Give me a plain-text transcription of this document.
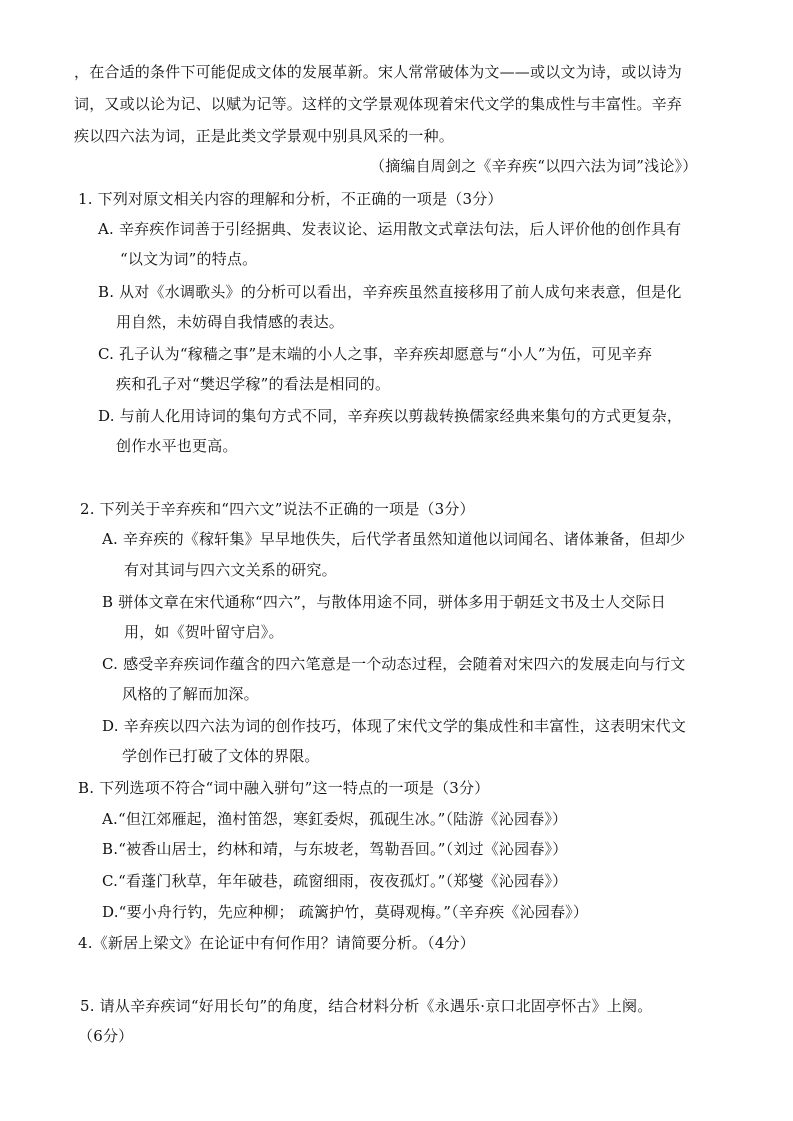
，在合适的条件下可能促成文体的发展革新。宋人常常破体为文——或以文为诗，或以诗为
词，又或以论为记、以赋为记等。这样的文学景观体现着宋代文学的集成性与丰富性。辛弃
疾以四六法为词，正是此类文学景观中别具风采的一种。
（摘编自周剑之《辛弃疾“以四六法为词”浅论》）
1. 下列对原文相关内容的理解和分析，不正确的一项是（3分）
A. 辛弃疾作词善于引经据典、发表议论、运用散文式章法句法，后人评价他的创作具有
“以文为词”的特点。
B. 从对《水调歌头》的分析可以看出，辛弃疾虽然直接移用了前人成句来表意，但是化
用自然，未妨碍自我情感的表达。
C. 孔子认为“稼穑之事”是末端的小人之事，辛弃疾却愿意与“小人”为伍，可见辛弃
疾和孔子对“樊迟学稼”的看法是相同的。
D. 与前人化用诗词的集句方式不同，辛弃疾以剪裁转换儒家经典来集句的方式更复杂，
创作水平也更高。
2. 下列关于辛弃疾和“四六文”说法不正确的一项是（3分）
A. 辛弃疾的《稼轩集》早早地佚失，后代学者虽然知道他以词闻名、诸体兼备，但却少
有对其词与四六文关系的研究。
B 骈体文章在宋代通称“四六”，与散体用途不同，骈体多用于朝廷文书及士人交际日
用，如《贺叶留守启》。
C. 感受辛弃疾词作蕴含的四六笔意是一个动态过程，会随着对宋四六的发展走向与行文
风格的了解而加深。
D. 辛弃疾以四六法为词的创作技巧，体现了宋代文学的集成性和丰富性，这表明宋代文
学创作已打破了文体的界限。
B. 下列选项不符合“词中融入骈句”这一特点的一项是（3分）
A.“但江郊雁起，渔村笛怨，寒釭委烬，孤砚生冰。”（陆游《沁园春》）
B.“被香山居士，约林和靖，与东坡老，驾勒吾回。”（刘过《沁园春》）
C.“看蓬门秋草，年年破巷，疏窗细雨，夜夜孤灯。”（郑燮《沁园春》）
D.“要小舟行钓，先应种柳； 疏篱护竹，莫碍观梅。”（辛弃疾《沁园春》）
4.《新居上梁文》在论证中有何作用？请简要分析。（4分）
5. 请从辛弃疾词“好用长句”的角度，结合材料分析《永遇乐·京口北固亭怀古》上阕。
（6分）
